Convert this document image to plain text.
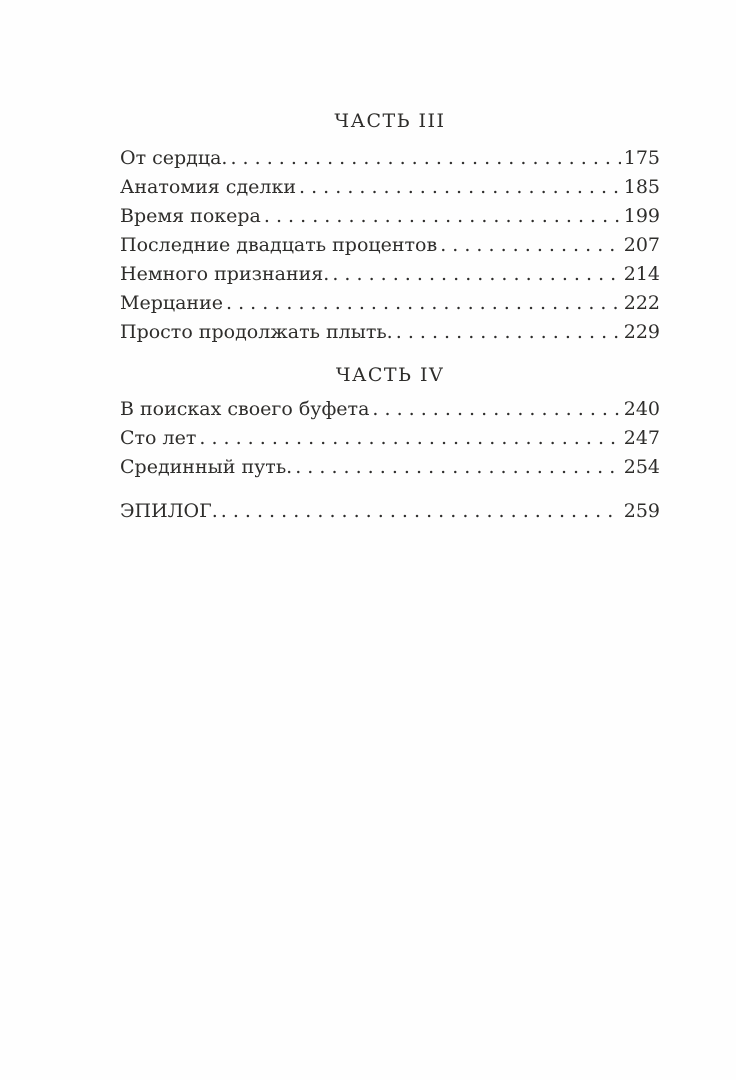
ЧАСТЬ III
От сердца. . . .	175
Анатомия сделки . . .	185
Время покера . . .	199
Последние двадцать процентов . . .	207
Немного признания. . . .	214
Мерцание . . .	222
Просто продолжать плыть. . . .	229
ЧАСТЬ IV
В поисках своего буфета . . .	240
Сто лет . . .	247
Срединный путь. . . .	254
ЭПИЛОГ. . . .	259
